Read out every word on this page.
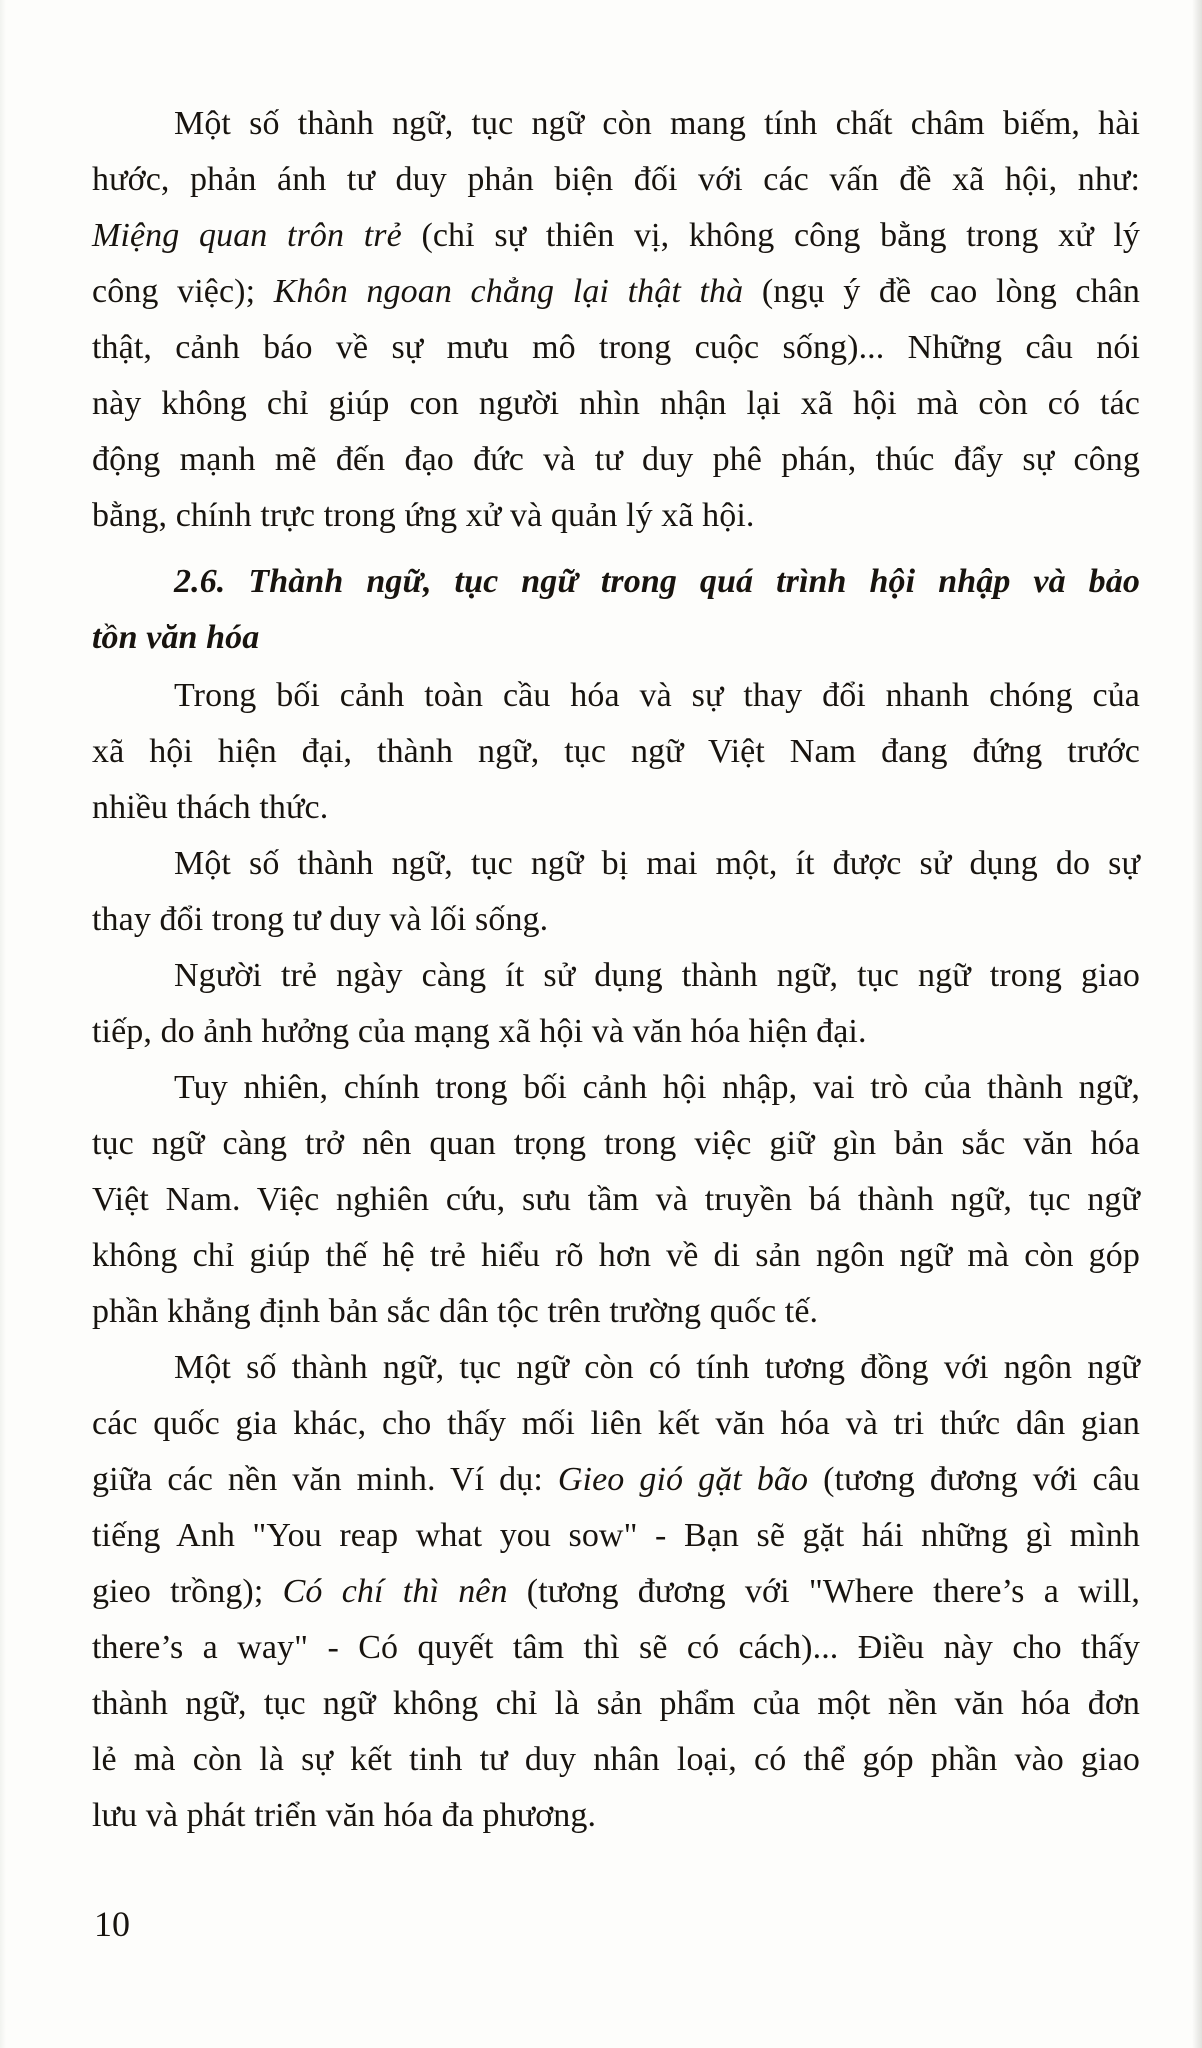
Một số thành ngữ, tục ngữ còn mang tính chất châm biếm, hài
hước, phản ánh tư duy phản biện đối với các vấn đề xã hội, như:
Miệng quan trôn trẻ (chỉ sự thiên vị, không công bằng trong xử lý
công việc); Khôn ngoan chẳng lại thật thà (ngụ ý đề cao lòng chân
thật, cảnh báo về sự mưu mô trong cuộc sống)... Những câu nói
này không chỉ giúp con người nhìn nhận lại xã hội mà còn có tác
động mạnh mẽ đến đạo đức và tư duy phê phán, thúc đẩy sự công
bằng, chính trực trong ứng xử và quản lý xã hội.
2.6. Thành ngữ, tục ngữ trong quá trình hội nhập và bảo
tồn văn hóa
Trong bối cảnh toàn cầu hóa và sự thay đổi nhanh chóng của
xã hội hiện đại, thành ngữ, tục ngữ Việt Nam đang đứng trước
nhiều thách thức.
Một số thành ngữ, tục ngữ bị mai một, ít được sử dụng do sự
thay đổi trong tư duy và lối sống.
Người trẻ ngày càng ít sử dụng thành ngữ, tục ngữ trong giao
tiếp, do ảnh hưởng của mạng xã hội và văn hóa hiện đại.
Tuy nhiên, chính trong bối cảnh hội nhập, vai trò của thành ngữ,
tục ngữ càng trở nên quan trọng trong việc giữ gìn bản sắc văn hóa
Việt Nam. Việc nghiên cứu, sưu tầm và truyền bá thành ngữ, tục ngữ
không chỉ giúp thế hệ trẻ hiểu rõ hơn về di sản ngôn ngữ mà còn góp
phần khẳng định bản sắc dân tộc trên trường quốc tế.
Một số thành ngữ, tục ngữ còn có tính tương đồng với ngôn ngữ
các quốc gia khác, cho thấy mối liên kết văn hóa và tri thức dân gian
giữa các nền văn minh. Ví dụ: Gieo gió gặt bão (tương đương với câu
tiếng Anh "You reap what you sow" - Bạn sẽ gặt hái những gì mình
gieo trồng); Có chí thì nên (tương đương với "Where there’s a will,
there’s a way" - Có quyết tâm thì sẽ có cách)... Điều này cho thấy
thành ngữ, tục ngữ không chỉ là sản phẩm của một nền văn hóa đơn
lẻ mà còn là sự kết tinh tư duy nhân loại, có thể góp phần vào giao
lưu và phát triển văn hóa đa phương.
10
